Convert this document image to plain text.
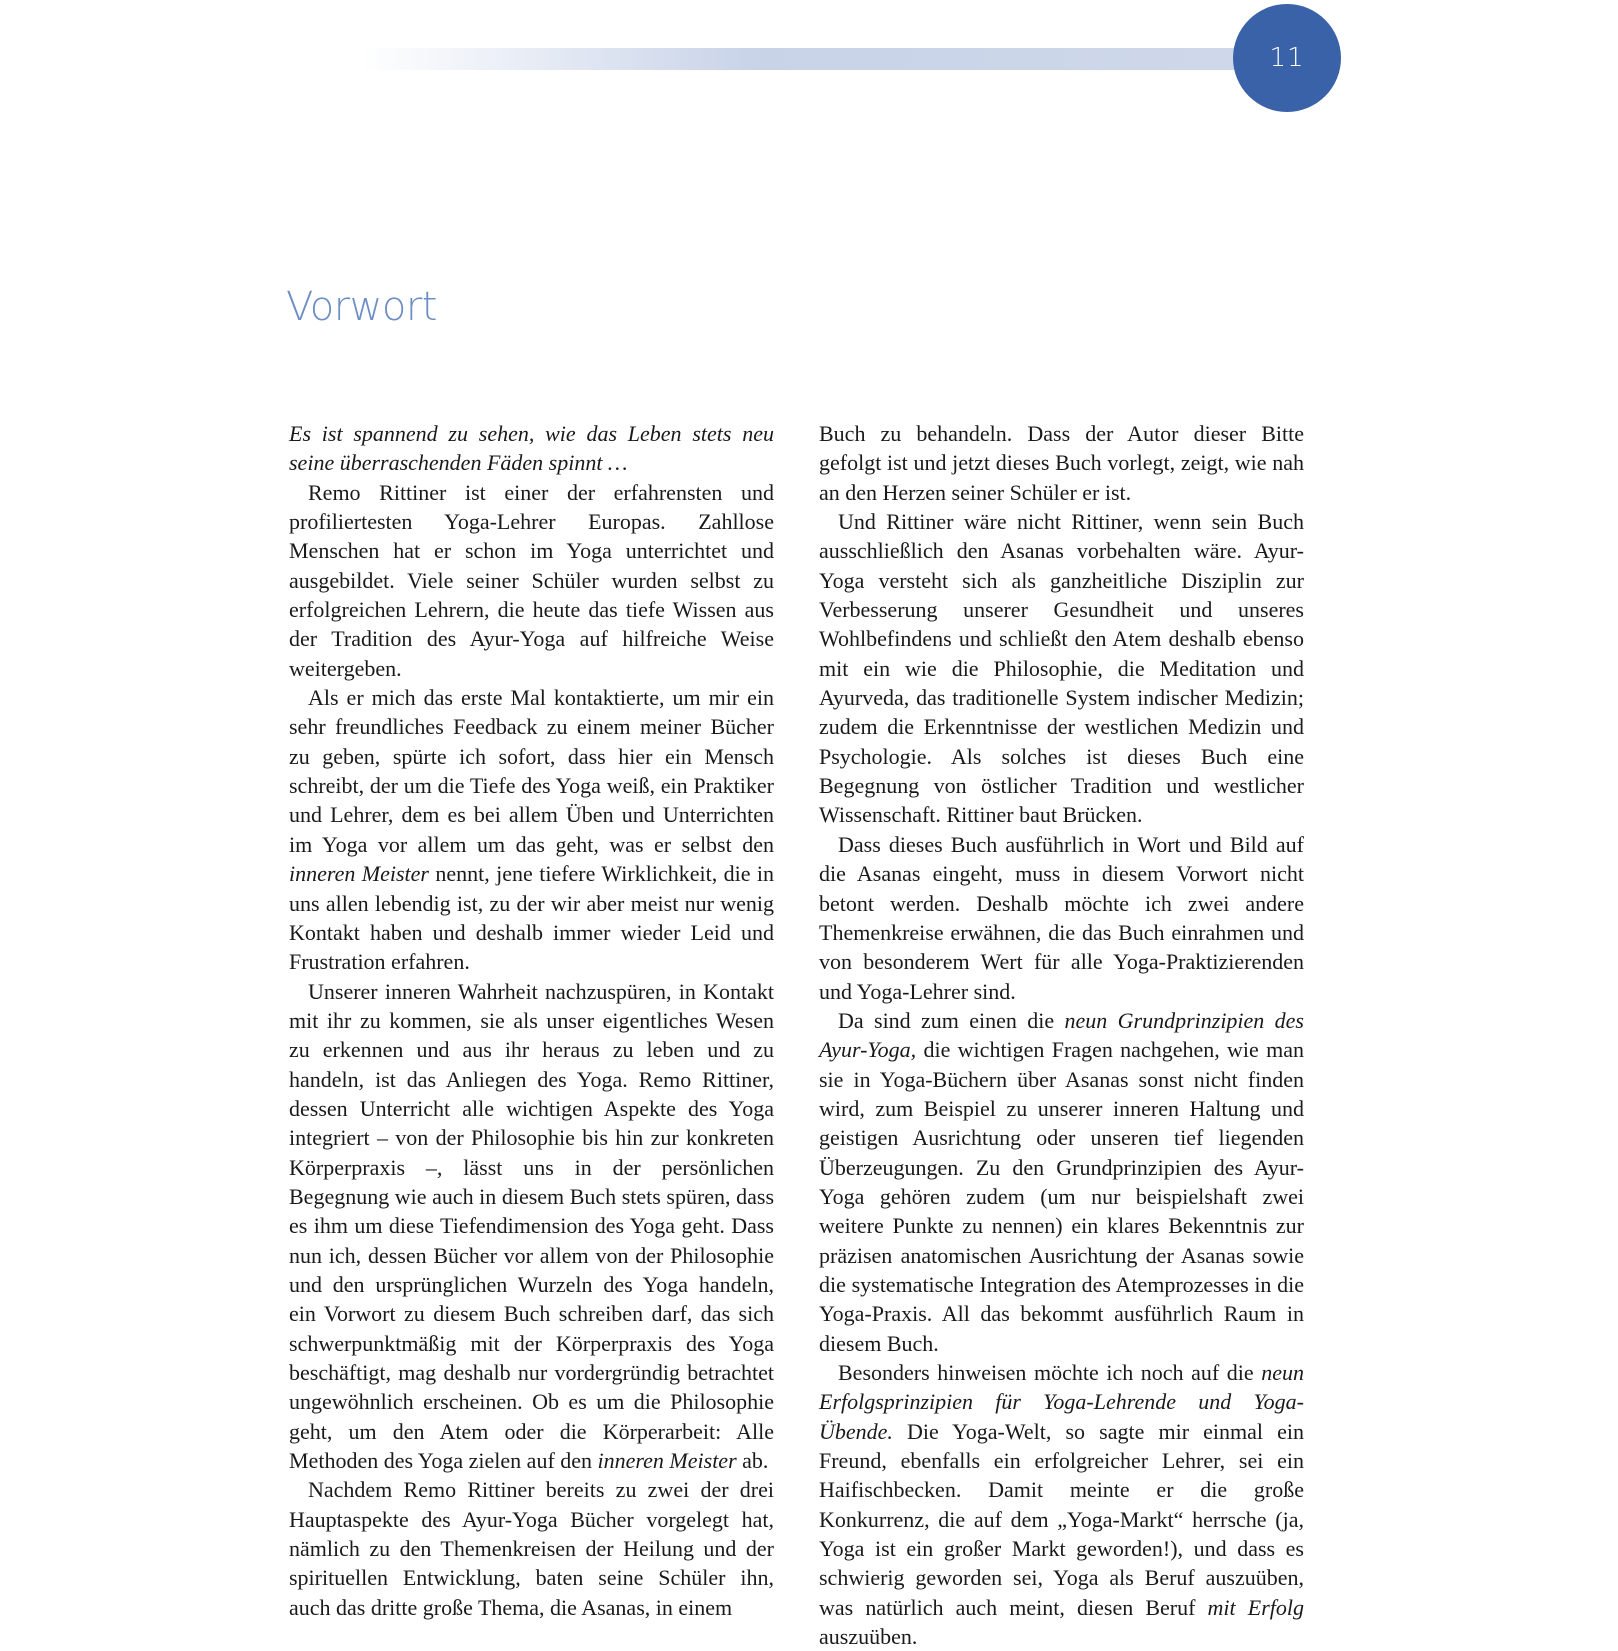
11
Vorwort

Es ist spannend zu sehen, wie das Leben stets neu seine überraschenden Fäden spinnt …

Remo Rittiner ist einer der erfahrensten und profiliertesten Yoga-Lehrer Europas. Zahllose Menschen hat er schon im Yoga unterrichtet und ausgebildet. Viele seiner Schüler wurden selbst zu erfolgreichen Lehrern, die heute das tiefe Wissen aus der Tradition des Ayur-Yoga auf hilfreiche Weise weitergeben.

Als er mich das erste Mal kontaktierte, um mir ein sehr freundliches Feedback zu einem meiner Bücher zu geben, spürte ich sofort, dass hier ein Mensch schreibt, der um die Tiefe des Yoga weiß, ein Praktiker und Lehrer, dem es bei allem Üben und Unterrichten im Yoga vor allem um das geht, was er selbst den inneren Meister nennt, jene tiefere Wirklichkeit, die in uns allen lebendig ist, zu der wir aber meist nur wenig Kontakt haben und deshalb immer wieder Leid und Frustration erfahren.

Unserer inneren Wahrheit nachzuspüren, in Kontakt mit ihr zu kommen, sie als unser eigentliches Wesen zu erkennen und aus ihr heraus zu leben und zu handeln, ist das Anliegen des Yoga. Remo Rittiner, dessen Unterricht alle wichtigen Aspekte des Yoga integriert – von der Philosophie bis hin zur konkreten Körperpraxis –, lässt uns in der persönlichen Begegnung wie auch in diesem Buch stets spüren, dass es ihm um diese Tiefendimension des Yoga geht. Dass nun ich, dessen Bücher vor allem von der Philosophie und den ursprünglichen Wurzeln des Yoga handeln, ein Vorwort zu diesem Buch schreiben darf, das sich schwerpunktmäßig mit der Körperpraxis des Yoga beschäftigt, mag deshalb nur vordergründig betrachtet ungewöhnlich erscheinen. Ob es um die Philosophie geht, um den Atem oder die Körperarbeit: Alle Methoden des Yoga zielen auf den inneren Meister ab.

Nachdem Remo Rittiner bereits zu zwei der drei Hauptaspekte des Ayur-Yoga Bücher vorgelegt hat, nämlich zu den Themenkreisen der Heilung und der spirituellen Entwicklung, baten seine Schüler ihn, auch das dritte große Thema, die Asanas, in einem

Buch zu behandeln. Dass der Autor dieser Bitte gefolgt ist und jetzt dieses Buch vorlegt, zeigt, wie nah an den Herzen seiner Schüler er ist.

Und Rittiner wäre nicht Rittiner, wenn sein Buch ausschließlich den Asanas vorbehalten wäre. Ayur-Yoga versteht sich als ganzheitliche Disziplin zur Verbesserung unserer Gesundheit und unseres Wohlbefindens und schließt den Atem deshalb ebenso mit ein wie die Philosophie, die Meditation und Ayurveda, das traditionelle System indischer Medizin; zudem die Erkenntnisse der westlichen Medizin und Psychologie. Als solches ist dieses Buch eine Begegnung von östlicher Tradition und westlicher Wissenschaft. Rittiner baut Brücken.

Dass dieses Buch ausführlich in Wort und Bild auf die Asanas eingeht, muss in diesem Vorwort nicht betont werden. Deshalb möchte ich zwei andere Themenkreise erwähnen, die das Buch einrahmen und von besonderem Wert für alle Yoga-Praktizierenden und Yoga-Lehrer sind.

Da sind zum einen die neun Grundprinzipien des Ayur-Yoga, die wichtigen Fragen nachgehen, wie man sie in Yoga-Büchern über Asanas sonst nicht finden wird, zum Beispiel zu unserer inneren Haltung und geistigen Ausrichtung oder unseren tief liegenden Überzeugungen. Zu den Grundprinzipien des Ayur-Yoga gehören zudem (um nur beispielshaft zwei weitere Punkte zu nennen) ein klares Bekenntnis zur präzisen anatomischen Ausrichtung der Asanas sowie die systematische Integration des Atemprozesses in die Yoga-Praxis. All das bekommt ausführlich Raum in diesem Buch.

Besonders hinweisen möchte ich noch auf die neun Erfolgsprinzipien für Yoga-Lehrende und Yoga-Übende. Die Yoga-Welt, so sagte mir einmal ein Freund, ebenfalls ein erfolgreicher Lehrer, sei ein Haifischbecken. Damit meinte er die große Konkurrenz, die auf dem „Yoga-Markt“ herrsche (ja, Yoga ist ein großer Markt geworden!), und dass es schwierig geworden sei, Yoga als Beruf auszuüben, was natürlich auch meint, diesen Beruf mit Erfolg auszuüben.
